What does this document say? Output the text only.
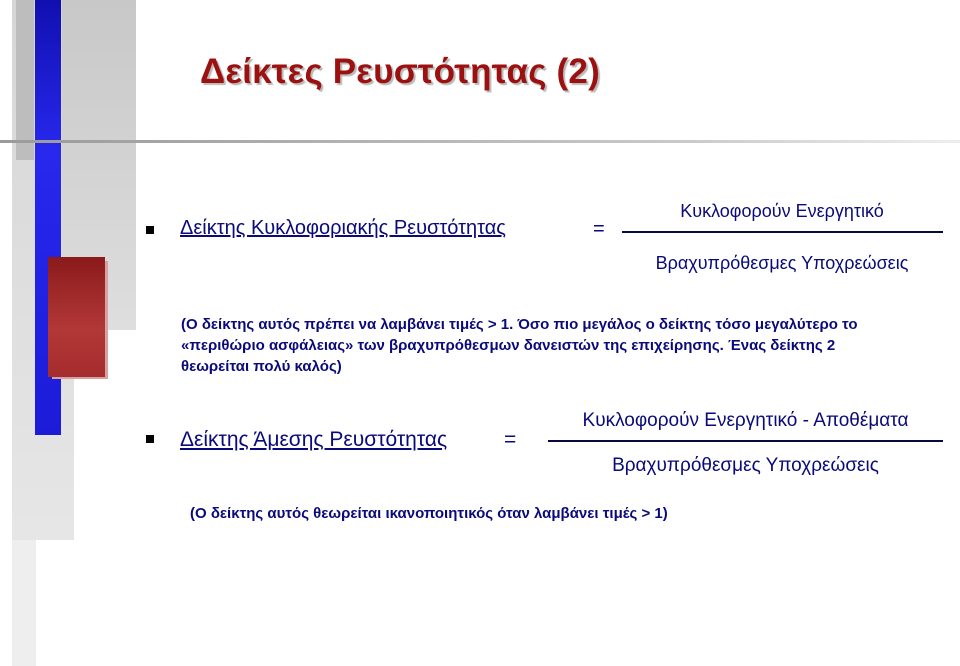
Δείκτες Ρευστότητας (2)
Δείκτης Κυκλοφοριακής Ρευστότητας	=
Κυκλοφορούν Ενεργητικό
Βραχυπρόθεσμες Υποχρεώσεις

(Ο δείκτης αυτός πρέπει να λαμβάνει τιμές > 1. Όσο πιο μεγάλος ο δείκτης τόσο μεγαλύτερο το «περιθώριο ασφάλειας» των βραχυπρόθεσμων δανειστών της επιχείρησης. Ένας δείκτης 2 θεωρείται πολύ καλός)

Δείκτης Άμεσης Ρευστότητας	=
Κυκλοφορούν Ενεργητικό - Αποθέματα
Βραχυπρόθεσμες Υποχρεώσεις

(Ο δείκτης αυτός θεωρείται ικανοποιητικός όταν λαμβάνει τιμές > 1)
